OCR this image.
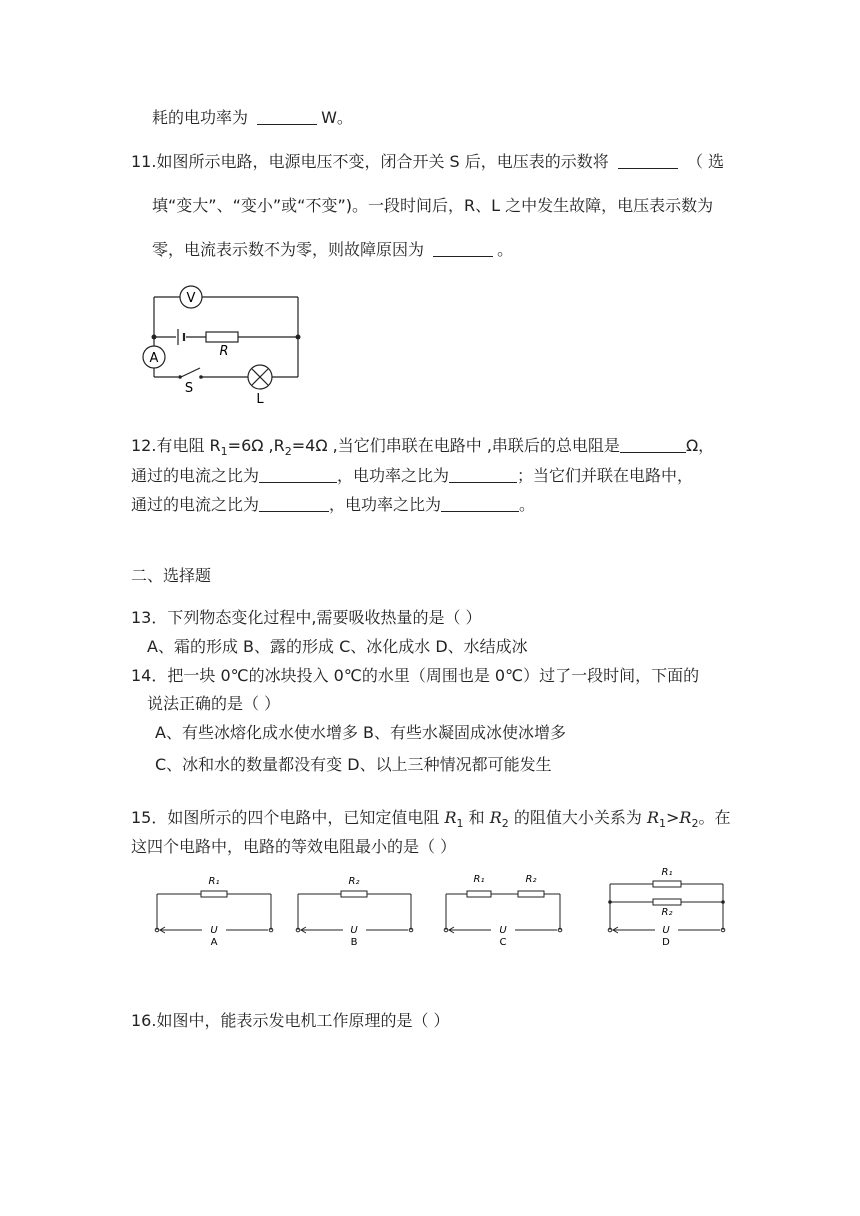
耗的电功率为	W。
11.如图所示电路，电源电压不变，闭合开关 S 后，电压表的示数将	（ 选
填“变大”、“变小”或“不变”)。一段时间后，R、L 之中发生故障，电压表示数为
零，电流表示数不为零，则故障原因为	。
V
A	R
S
L
12.有电阻 $R_1=6\Omega$ $,R_2=4\Omega$ ,当它们串联在电路中 ,串联后的总电阻是	Ω，
通过的电流之比为	，电功率之比为	；当它们并联在电路中，
通过的电流之比为	，电功率之比为	。
二、选择题
13．下列物态变化过程中,需要吸收热量的是（ ）
A、霜的形成 B、露的形成 C、冰化成水 D、水结成冰
14．把一块 0℃的冰块投入 0℃的水里（周围也是 0℃）过了一段时间，下面的
说法正确的是（ ）
A、有些冰熔化成水使水增多 B、有些水凝固成冰使冰增多
C、冰和水的数量都没有变 D、以上三种情况都可能发生
15．如图所示的四个电路中，已知定值电阻 $R_1$ 和 $R_2$ 的阻值大小关系为 $R_1>R_2$。在
这四个电路中，电路的等效电阻最小的是（ ）
R₁
U
A
R₂
U
B
R₁	R₂
U
C
R₁
R₂
U
D
16.如图中，能表示发电机工作原理的是（ ）
